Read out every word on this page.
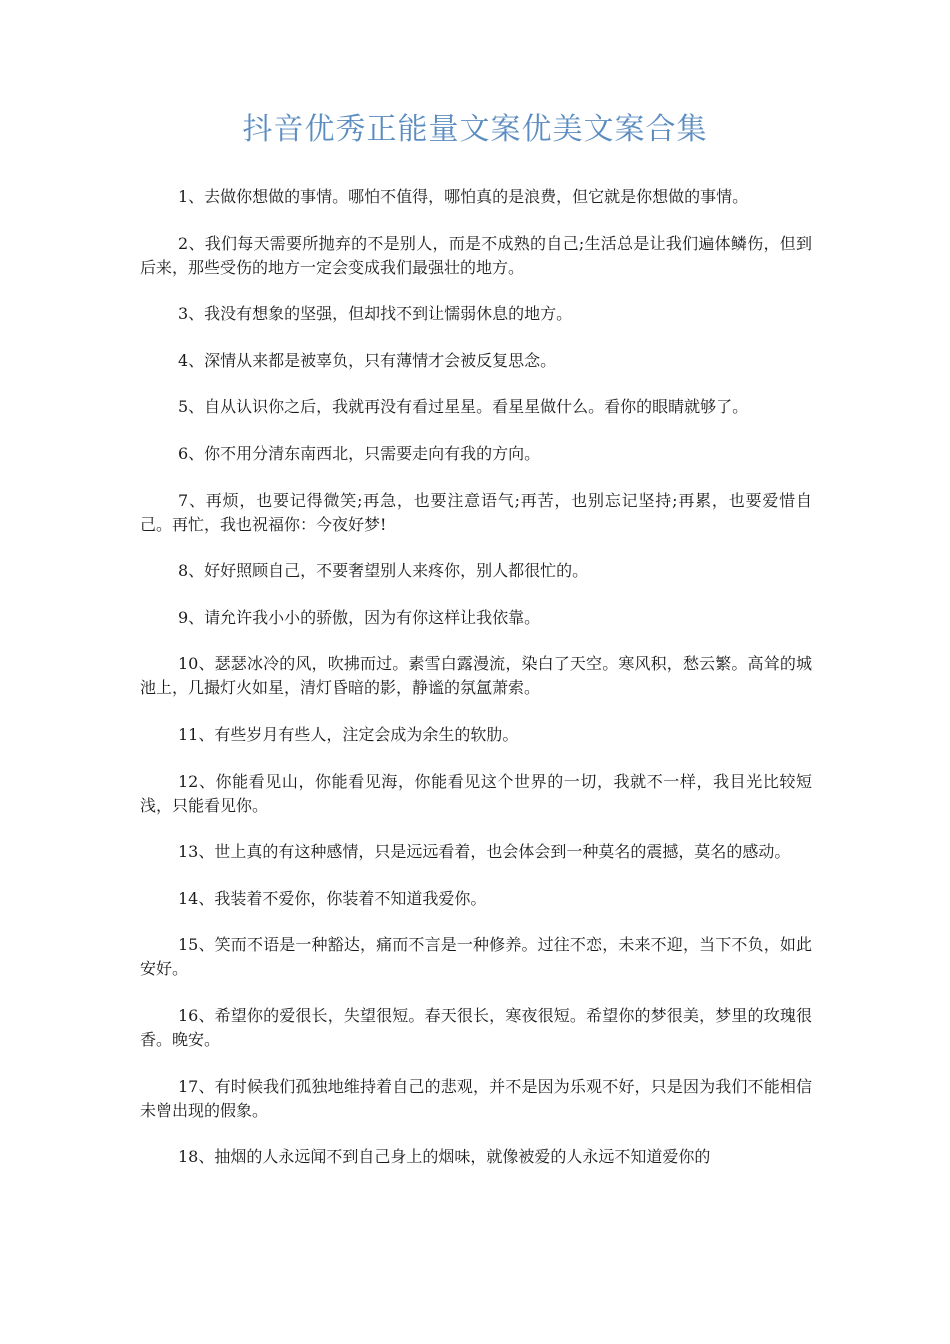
抖音优秀正能量文案优美文案合集

1、去做你想做的事情。哪怕不值得，哪怕真的是浪费，但它就是你想做的事情。

2、我们每天需要所抛弃的不是别人，而是不成熟的自己;生活总是让我们遍体鳞伤，但到后来，那些受伤的地方一定会变成我们最强壮的地方。

3、我没有想象的坚强，但却找不到让懦弱休息的地方。

4、深情从来都是被辜负，只有薄情才会被反复思念。

5、自从认识你之后，我就再没有看过星星。看星星做什么。看你的眼睛就够了。

6、你不用分清东南西北，只需要走向有我的方向。

7、再烦，也要记得微笑;再急，也要注意语气;再苦，也别忘记坚持;再累，也要爱惜自己。再忙，我也祝福你：今夜好梦!

8、好好照顾自己，不要奢望别人来疼你，别人都很忙的。

9、请允许我小小的骄傲，因为有你这样让我依靠。

10、瑟瑟冰冷的风，吹拂而过。素雪白露漫流，染白了天空。寒风积，愁云繁。高耸的城池上，几撮灯火如星，清灯昏暗的影，静谧的氛氲萧索。

11、有些岁月有些人，注定会成为余生的软肋。

12、你能看见山，你能看见海，你能看见这个世界的一切，我就不一样，我目光比较短浅，只能看见你。

13、世上真的有这种感情，只是远远看着，也会体会到一种莫名的震撼，莫名的感动。

14、我装着不爱你，你装着不知道我爱你。

15、笑而不语是一种豁达，痛而不言是一种修养。过往不恋，未来不迎，当下不负，如此安好。

16、希望你的爱很长，失望很短。春天很长，寒夜很短。希望你的梦很美，梦里的玫瑰很香。晚安。

17、有时候我们孤独地维持着自己的悲观，并不是因为乐观不好，只是因为我们不能相信未曾出现的假象。

18、抽烟的人永远闻不到自己身上的烟味，就像被爱的人永远不知道爱你的
